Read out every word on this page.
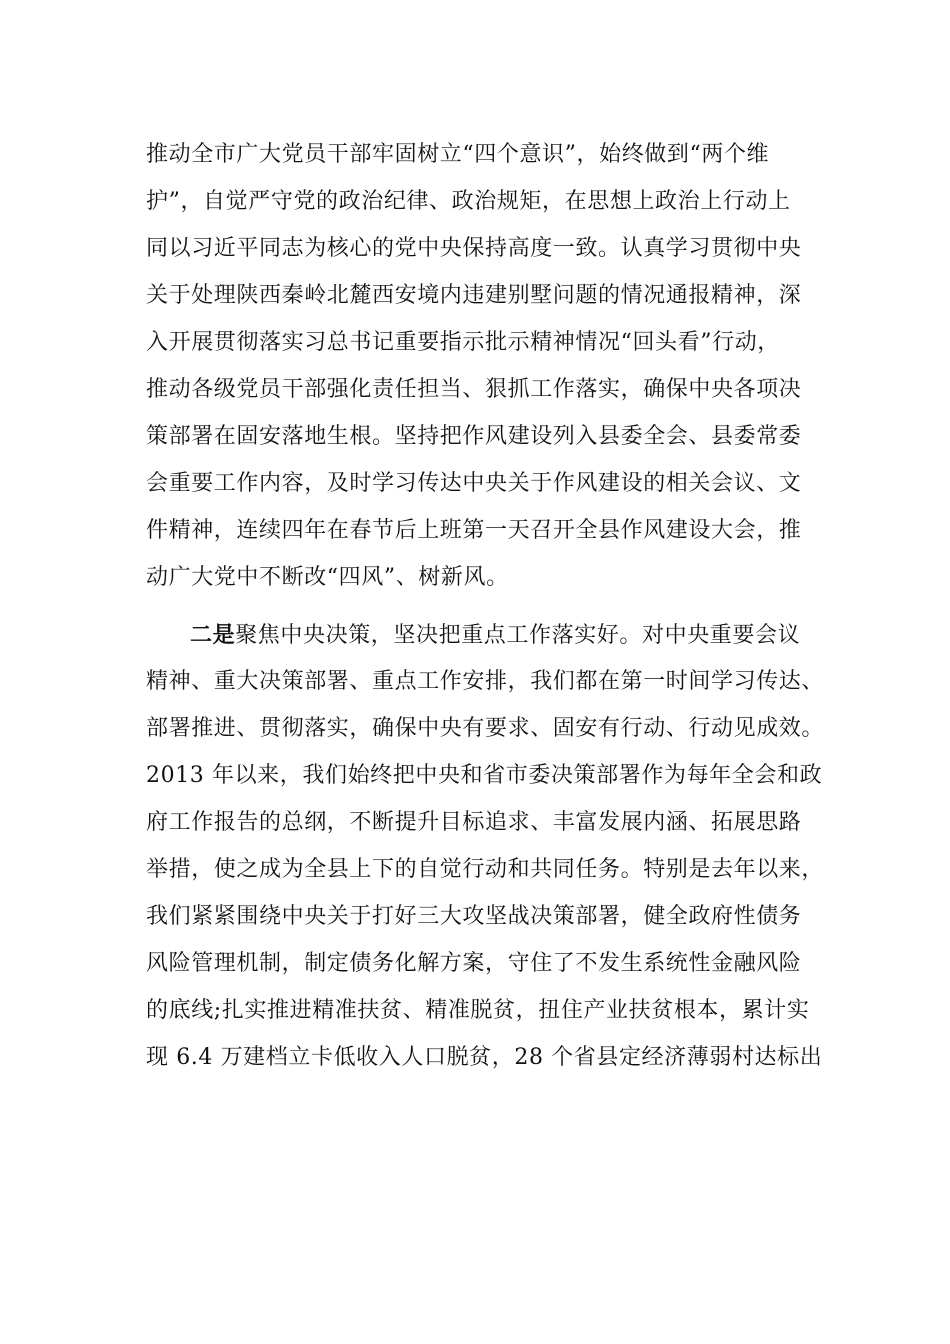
推动全市广大党员干部牢固树立“四个意识”，始终做到“两个维
护”，自觉严守党的政治纪律、政治规矩，在思想上政治上行动上
同以习近平同志为核心的党中央保持高度一致。认真学习贯彻中央
关于处理陕西秦岭北麓西安境内违建别墅问题的情况通报精神，深
入开展贯彻落实习总书记重要指示批示精神情况“回头看”行动，
推动各级党员干部强化责任担当、狠抓工作落实，确保中央各项决
策部署在固安落地生根。坚持把作风建设列入县委全会、县委常委
会重要工作内容，及时学习传达中央关于作风建设的相关会议、文
件精神，连续四年在春节后上班第一天召开全县作风建设大会，推
动广大党中不断改“四风”、树新风。
二是聚焦中央决策，坚决把重点工作落实好。对中央重要会议
精神、重大决策部署、重点工作安排，我们都在第一时间学习传达、
部署推进、贯彻落实，确保中央有要求、固安有行动、行动见成效。
2013 年以来，我们始终把中央和省市委决策部署作为每年全会和政
府工作报告的总纲，不断提升目标追求、丰富发展内涵、拓展思路
举措，使之成为全县上下的自觉行动和共同任务。特别是去年以来，
我们紧紧围绕中央关于打好三大攻坚战决策部署，健全政府性债务
风险管理机制，制定债务化解方案，守住了不发生系统性金融风险
的底线;扎实推进精准扶贫、精准脱贫，扭住产业扶贫根本，累计实
现 6.4 万建档立卡低收入人口脱贫，28 个省县定经济薄弱村达标出
